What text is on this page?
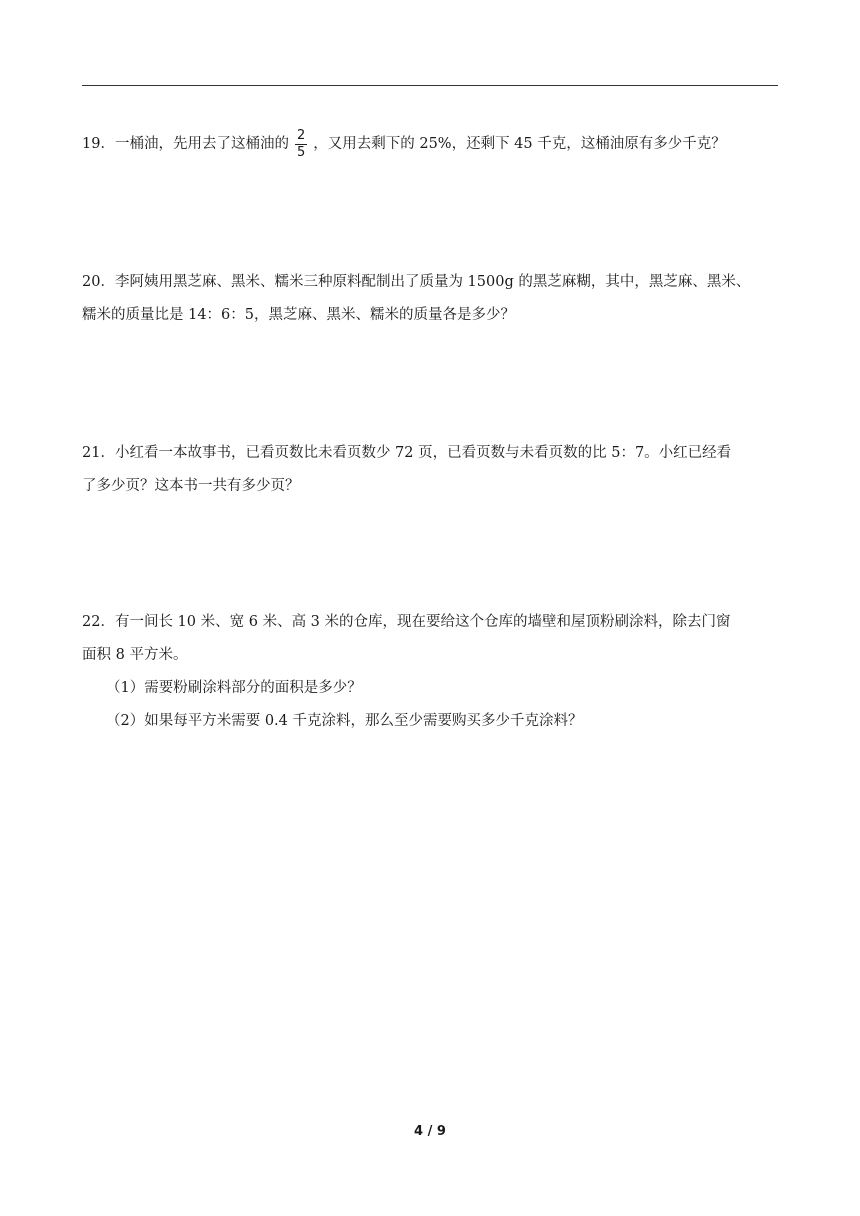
19．一桶油，先用去了这桶油的 $\frac{2}{5}$ ，又用去剩下的 25%，还剩下 45 千克，这桶油原有多少千克？
20．李阿姨用黑芝麻、黑米、糯米三种原料配制出了质量为 1500g 的黑芝麻糊，其中，黑芝麻、黑米、
糯米的质量比是 14：6：5，黑芝麻、黑米、糯米的质量各是多少？
21．小红看一本故事书，已看页数比未看页数少 72 页，已看页数与未看页数的比 5：7。小红已经看
了多少页？这本书一共有多少页？
22．有一间长 10 米、宽 6 米、高 3 米的仓库，现在要给这个仓库的墙壁和屋顶粉刷涂料，除去门窗
面积 8 平方米。
（1）需要粉刷涂料部分的面积是多少？
（2）如果每平方米需要 0.4 千克涂料，那么至少需要购买多少千克涂料？
4 / 9
